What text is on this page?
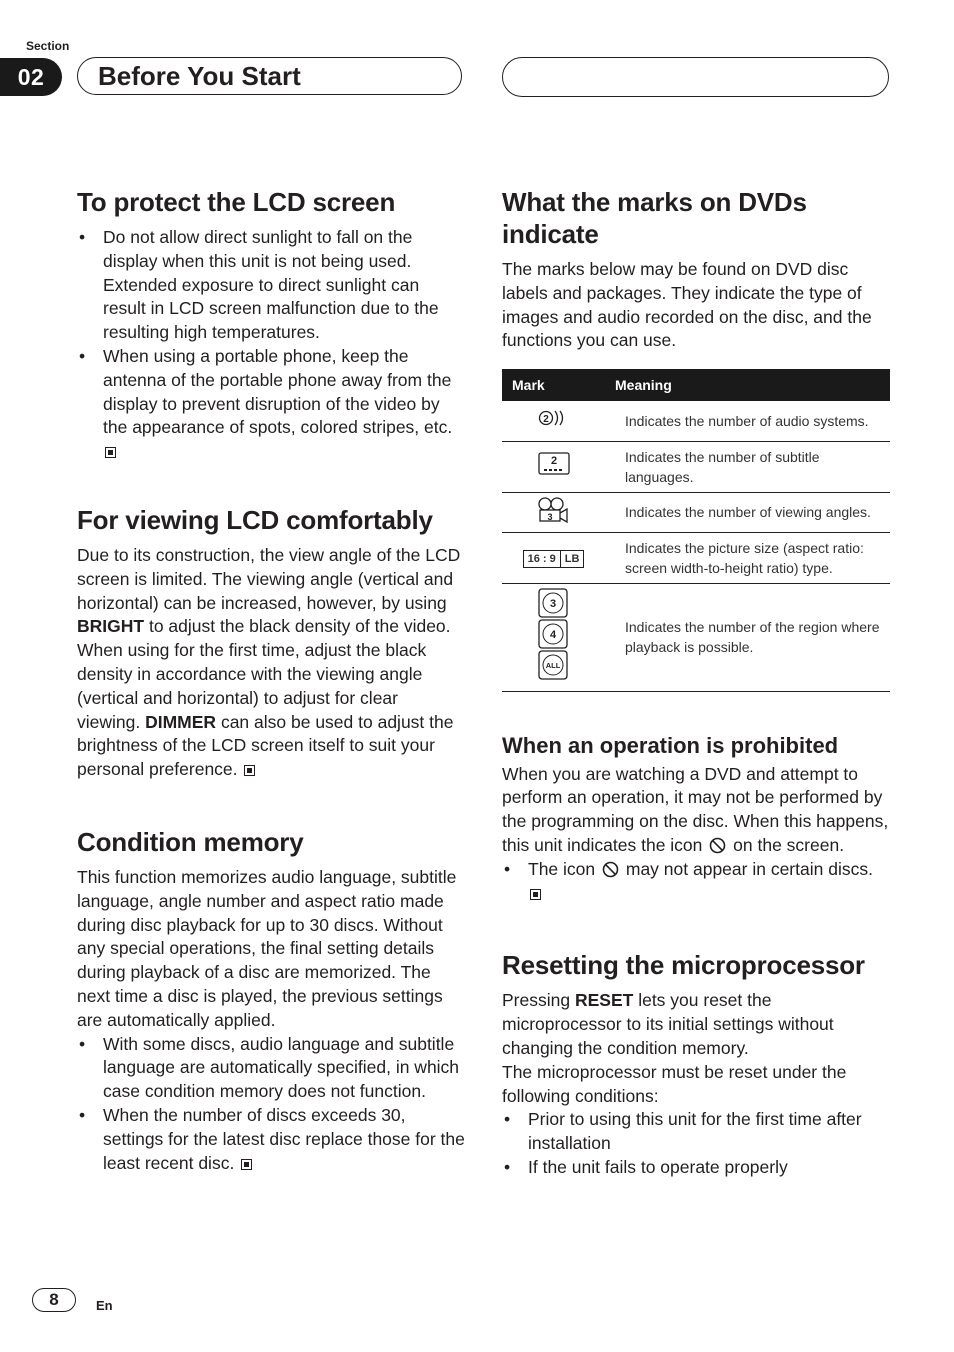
Section
02	Before You Start
To protect the LCD screen
• Do not allow direct sunlight to fall on the display when this unit is not being used. Extended exposure to direct sunlight can result in LCD screen malfunction due to the resulting high temperatures.
• When using a portable phone, keep the antenna of the portable phone away from the display to prevent disruption of the video by the appearance of spots, colored stripes, etc.
For viewing LCD comfortably

Due to its construction, the view angle of the LCD screen is limited. The viewing angle (vertical and horizontal) can be increased, however, by using BRIGHT to adjust the black density of the video. When using for the first time, adjust the black density in accordance with the viewing angle (vertical and horizontal) to adjust for clear viewing. DIMMER can also be used to adjust the brightness of the LCD screen itself to suit your personal preference.

Condition memory

This function memorizes audio language, subtitle language, angle number and aspect ratio made during disc playback for up to 30 discs. Without any special operations, the final setting details during playback of a disc are memorized. The next time a disc is played, the previous settings are automatically applied.

• With some discs, audio language and subtitle language are automatically specified, in which case condition memory does not function.
• When the number of discs exceeds 30, settings for the latest disc replace those for the least recent disc.
What the marks on DVDs indicate

The marks below may be found on DVD disc labels and packages. They indicate the type of images and audio recorded on the disc, and the functions you can use.

Mark	Meaning

2	Indicates the number of audio systems.

2	Indicates the number of subtitle languages.

3	Indicates the number of viewing angles.

16 : 9 LB	Indicates the picture size (aspect ratio: screen width-to-height ratio) type.

3
4
ALL	Indicates the number of the region where playback is possible.
When an operation is prohibited

When you are watching a DVD and attempt to perform an operation, it may not be performed by the programming on the disc. When this happens, this unit indicates the icon on the screen.

• The icon may not appear in certain discs.
Resetting the microprocessor

Pressing RESET lets you reset the microprocessor to its initial settings without changing the condition memory.

The microprocessor must be reset under the following conditions:

• Prior to using this unit for the first time after installation
• If the unit fails to operate properly
8	En
